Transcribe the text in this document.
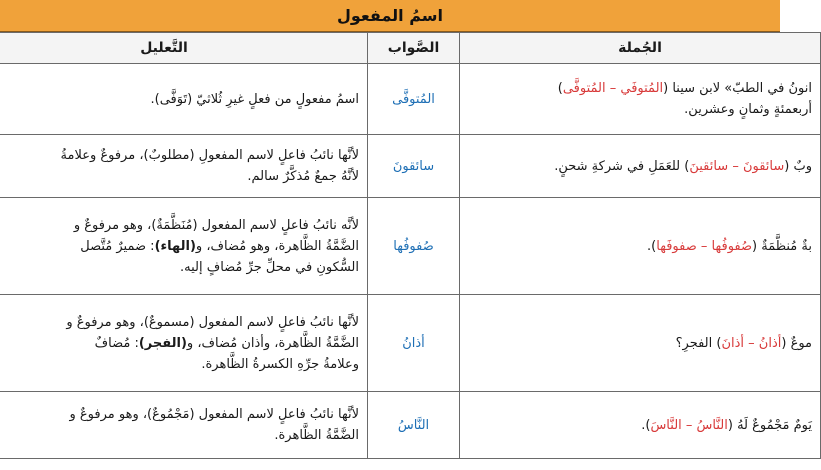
اسمُ المفعول
الجُملة	الصَّواب	التَّعليل

انونُ في الطبّ» لابن سينا (المُتوفَي – المُتوفَّى)
أربعمئةٍ وثمانٍ وعشرين.	المُتوفَّى	اسمُ مفعولٍ من فعلٍ غيرِ ثُلاثيّ (تَوَفَّى).

وبٌ (سائقونَ – سائقينَ) للعَمَلِ في شركةِ شحنٍ.	سائقونَ	لأنَّها نائبُ فاعلٍ لاسم المفعولِ (مطلوبٌ)، مرفوعٌ وعلامةُ
لأنَّهُ جمعٌ مُذكَّرٌ سالم.

بةٌ مُنظَّمَةٌ (صُفوفُها – صفوفَها).	صُفوفُها	لأنَّه نائبُ فاعلٍ لاسم المفعول (مُنَظَّمَةٌ)، وهو مرفوعٌ و
الضَّمَّةُ الظَّاهرة، وهو مُضاف، و(الهاء): ضميرٌ مُتَّصل
السُّكونِ في محلِّ جرِّ مُضافٍ إليه.

موعٌ (أذانُ – أذانَ) الفجرِ؟	أذانُ	لأنَّها نائبُ فاعلٍ لاسم المفعول (مسموعٌ)، وهو مرفوعٌ و
الضَّمَّةُ الظَّاهرة، وأذان مُضاف، و(الفجر): مُضافٌ
وعلامةُ جرِّهِ الكسرةُ الظَّاهرة.

يَومٌ مَجْمُوعٌ لَهُ (النَّاسُ – النَّاسَ).	النَّاسُ	لأنَّها نائبُ فاعلٍ لاسم المفعول (مَجْمُوعٌ)، وهو مرفوعٌ و
الضَّمَّةُ الظَّاهرة.
